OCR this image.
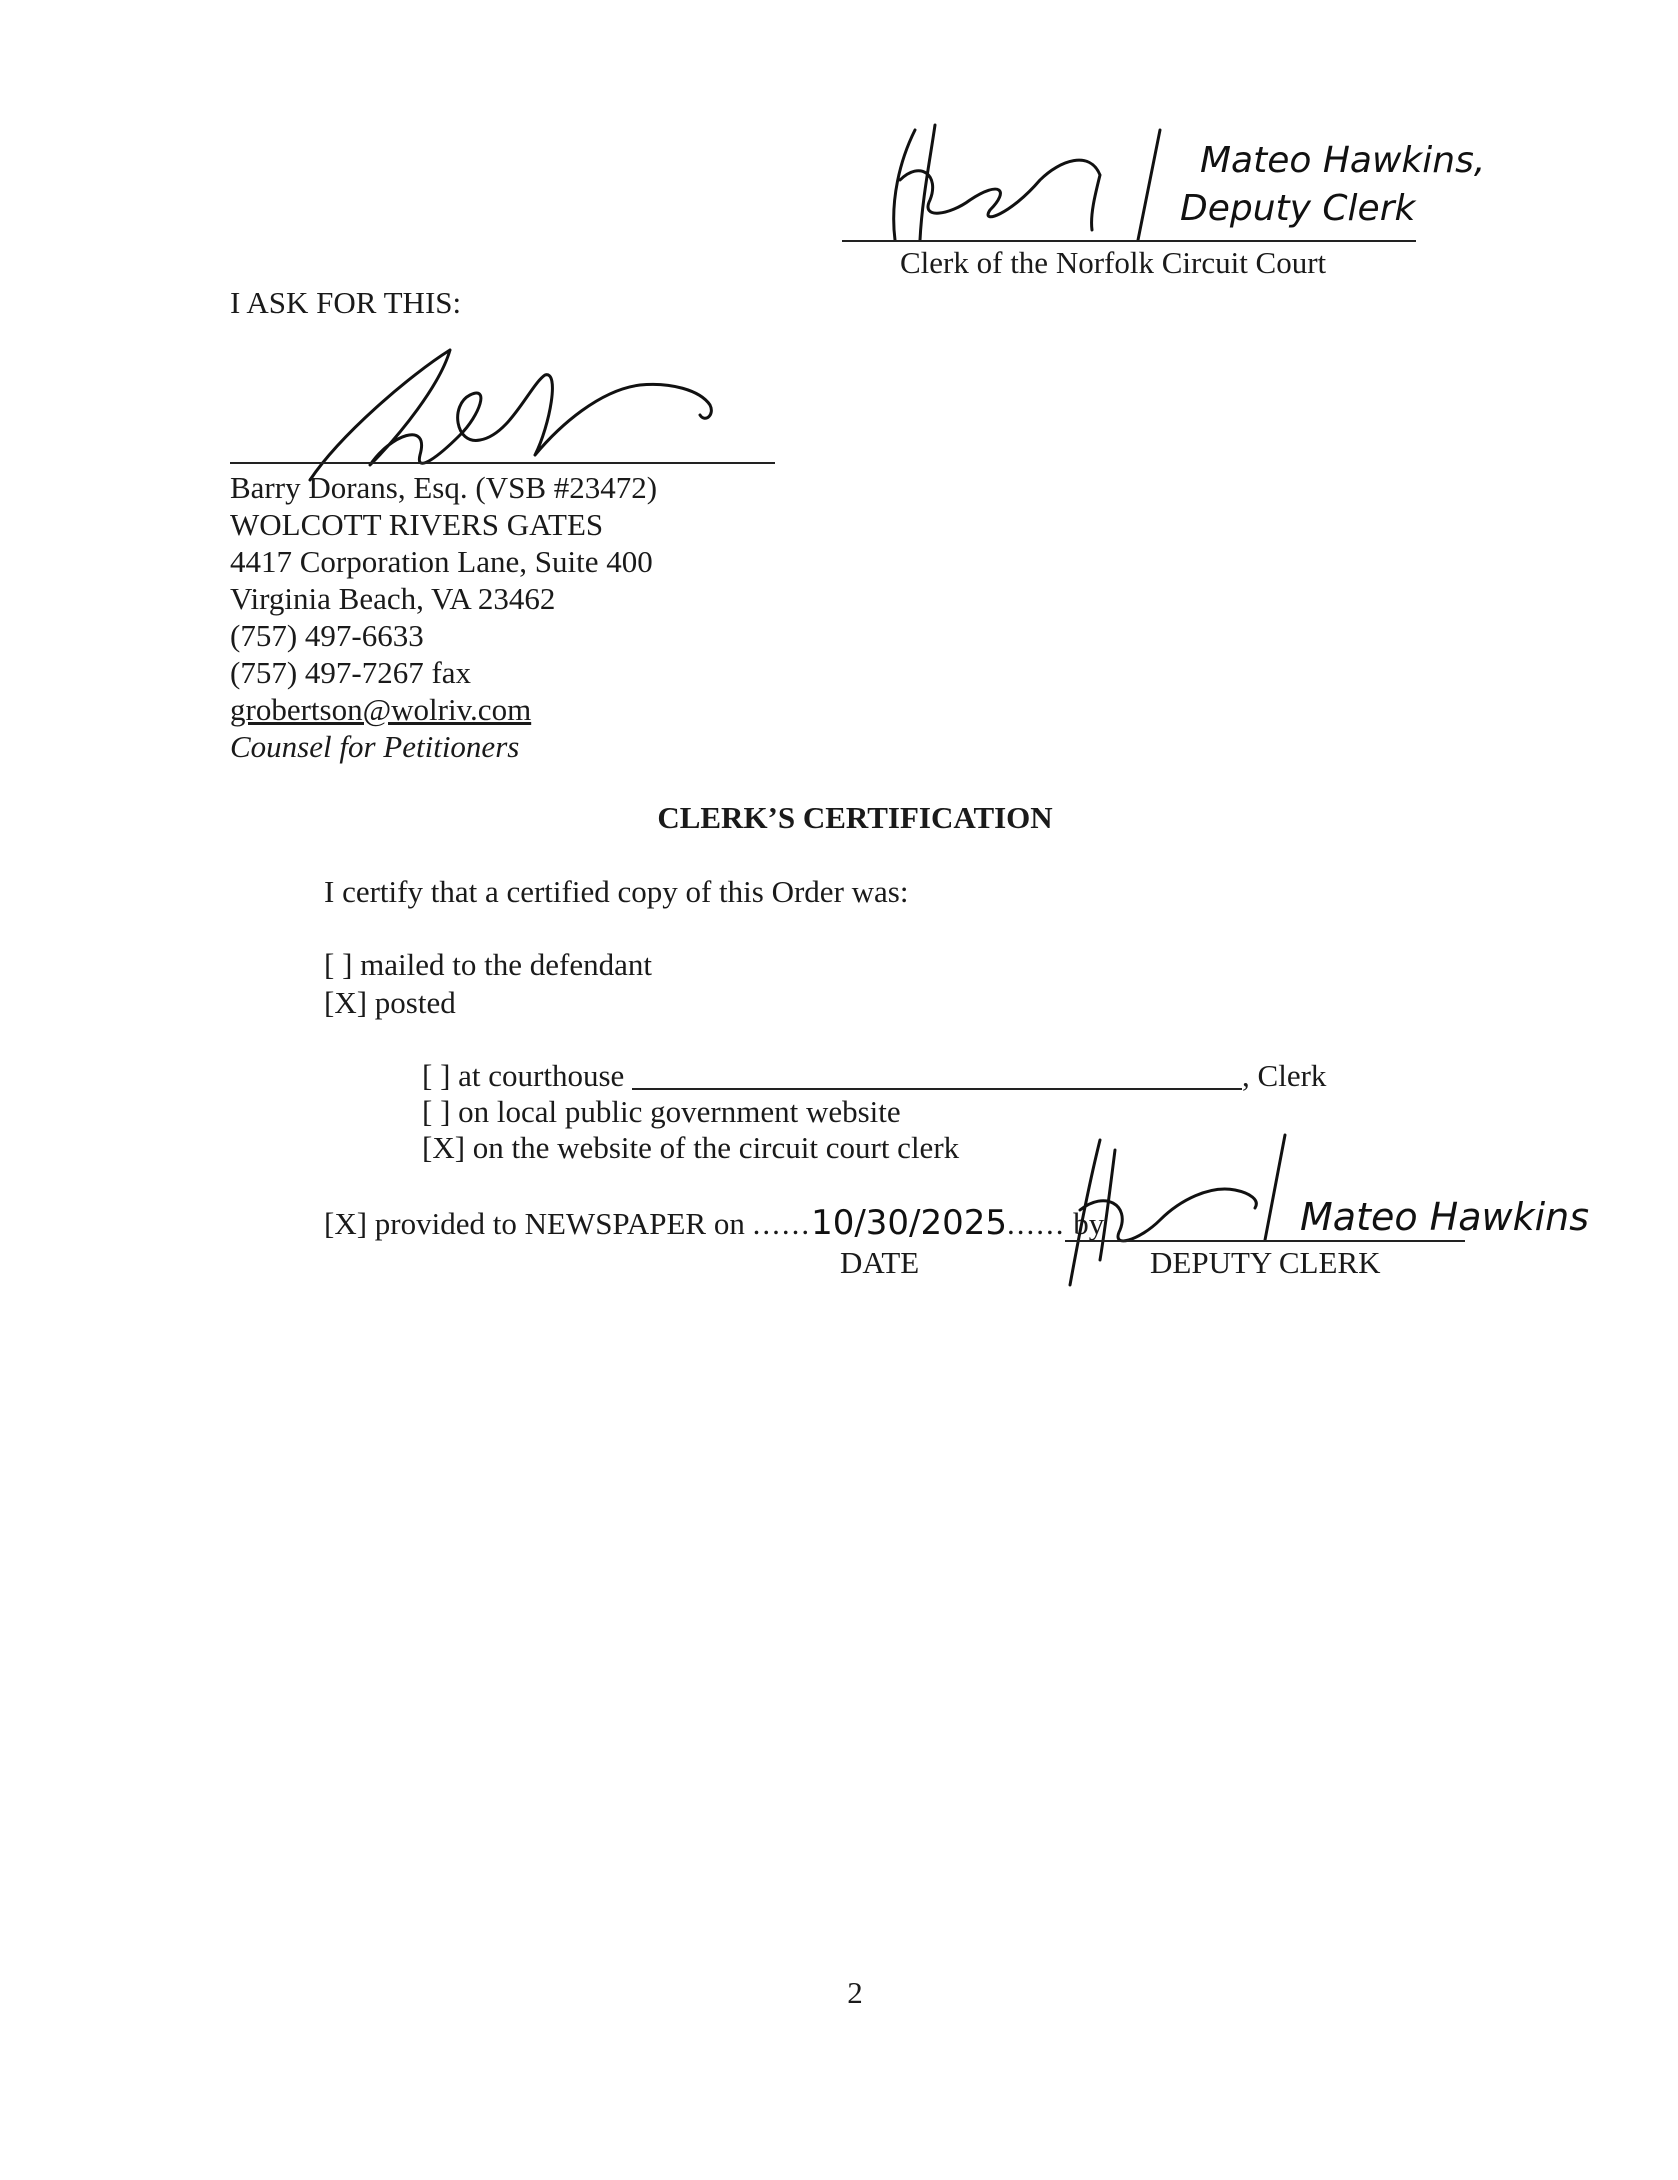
Mateo Hawkins,
Deputy Clerk
Clerk of the Norfolk Circuit Court
I ASK FOR THIS:
Barry Dorans, Esq. (VSB #23472)
WOLCOTT RIVERS GATES
4417 Corporation Lane, Suite 400
Virginia Beach, VA 23462
(757) 497-6633
(757) 497-7267 fax
grobertson@wolriv.com
Counsel for Petitioners
CLERK’S CERTIFICATION
I certify that a certified copy of this Order was:
[ ] mailed to the defendant
[X] posted
[ ] at courthouse	, Clerk
[ ] on local public government website
[X] on the website of the circuit court clerk
[X] provided to NEWSPAPER on ......10/30/2025...... by
DATE
Mateo Hawkins
DEPUTY CLERK
2
